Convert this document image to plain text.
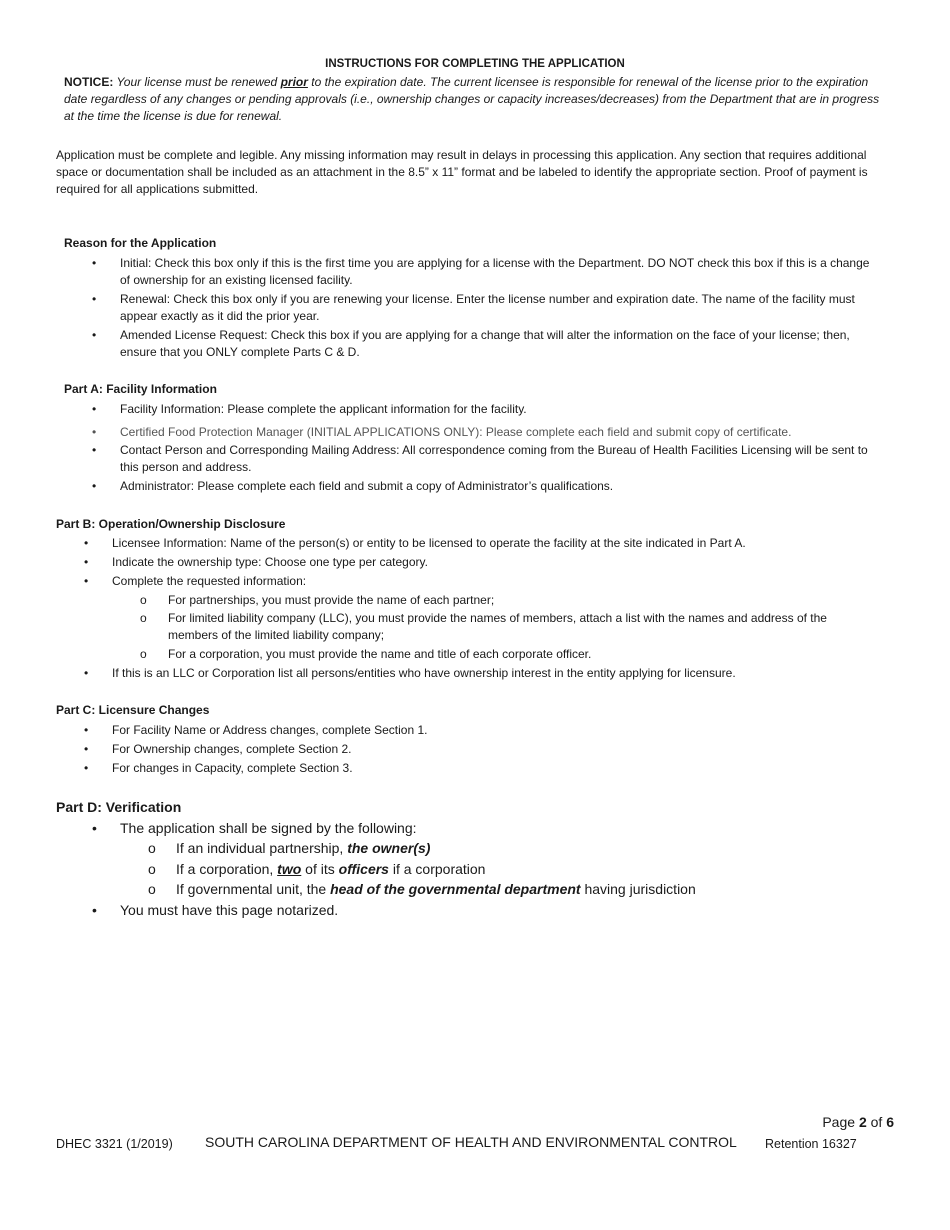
INSTRUCTIONS FOR COMPLETING THE APPLICATION
NOTICE: Your license must be renewed prior to the expiration date. The current licensee is responsible for renewal of the license prior to the expiration date regardless of any changes or pending approvals (i.e., ownership changes or capacity increases/decreases) from the Department that are in progress at the time the license is due for renewal.
Application must be complete and legible. Any missing information may result in delays in processing this application. Any section that requires additional space or documentation shall be included as an attachment in the 8.5” x 11” format and be labeled to identify the appropriate section. Proof of payment is required for all applications submitted.
Reason for the Application
• Initial: Check this box only if this is the first time you are applying for a license with the Department. DO NOT check this box if this is a change of ownership for an existing licensed facility.
• Renewal: Check this box only if you are renewing your license. Enter the license number and expiration date. The name of the facility must appear exactly as it did the prior year.
• Amended License Request: Check this box if you are applying for a change that will alter the information on the face of your license; then, ensure that you ONLY complete Parts C & D.
Part A: Facility Information
• Facility Information: Please complete the applicant information for the facility.
• Certified Food Protection Manager (INITIAL APPLICATIONS ONLY): Please complete each field and submit copy of certificate.
• Contact Person and Corresponding Mailing Address: All correspondence coming from the Bureau of Health Facilities Licensing will be sent to this person and address.
• Administrator: Please complete each field and submit a copy of Administrator’s qualifications.
Part B: Operation/Ownership Disclosure
• Licensee Information: Name of the person(s) or entity to be licensed to operate the facility at the site indicated in Part A.
• Indicate the ownership type: Choose one type per category.
• Complete the requested information:
o For partnerships, you must provide the name of each partner;
o For limited liability company (LLC), you must provide the names of members, attach a list with the names and address of the members of the limited liability company;
o For a corporation, you must provide the name and title of each corporate officer.
• If this is an LLC or Corporation list all persons/entities who have ownership interest in the entity applying for licensure.
Part C: Licensure Changes
• For Facility Name or Address changes, complete Section 1.
• For Ownership changes, complete Section 2.
• For changes in Capacity, complete Section 3.
Part D: Verification
• The application shall be signed by the following:
o If an individual partnership, the owner(s)
o If a corporation, two of its officers if a corporation
o If governmental unit, the head of the governmental department having jurisdiction
• You must have this page notarized.
Page 2 of 6
DHEC 3321 (1/2019) SOUTH CAROLINA DEPARTMENT OF HEALTH AND ENVIRONMENTAL CONTROL Retention 16327
